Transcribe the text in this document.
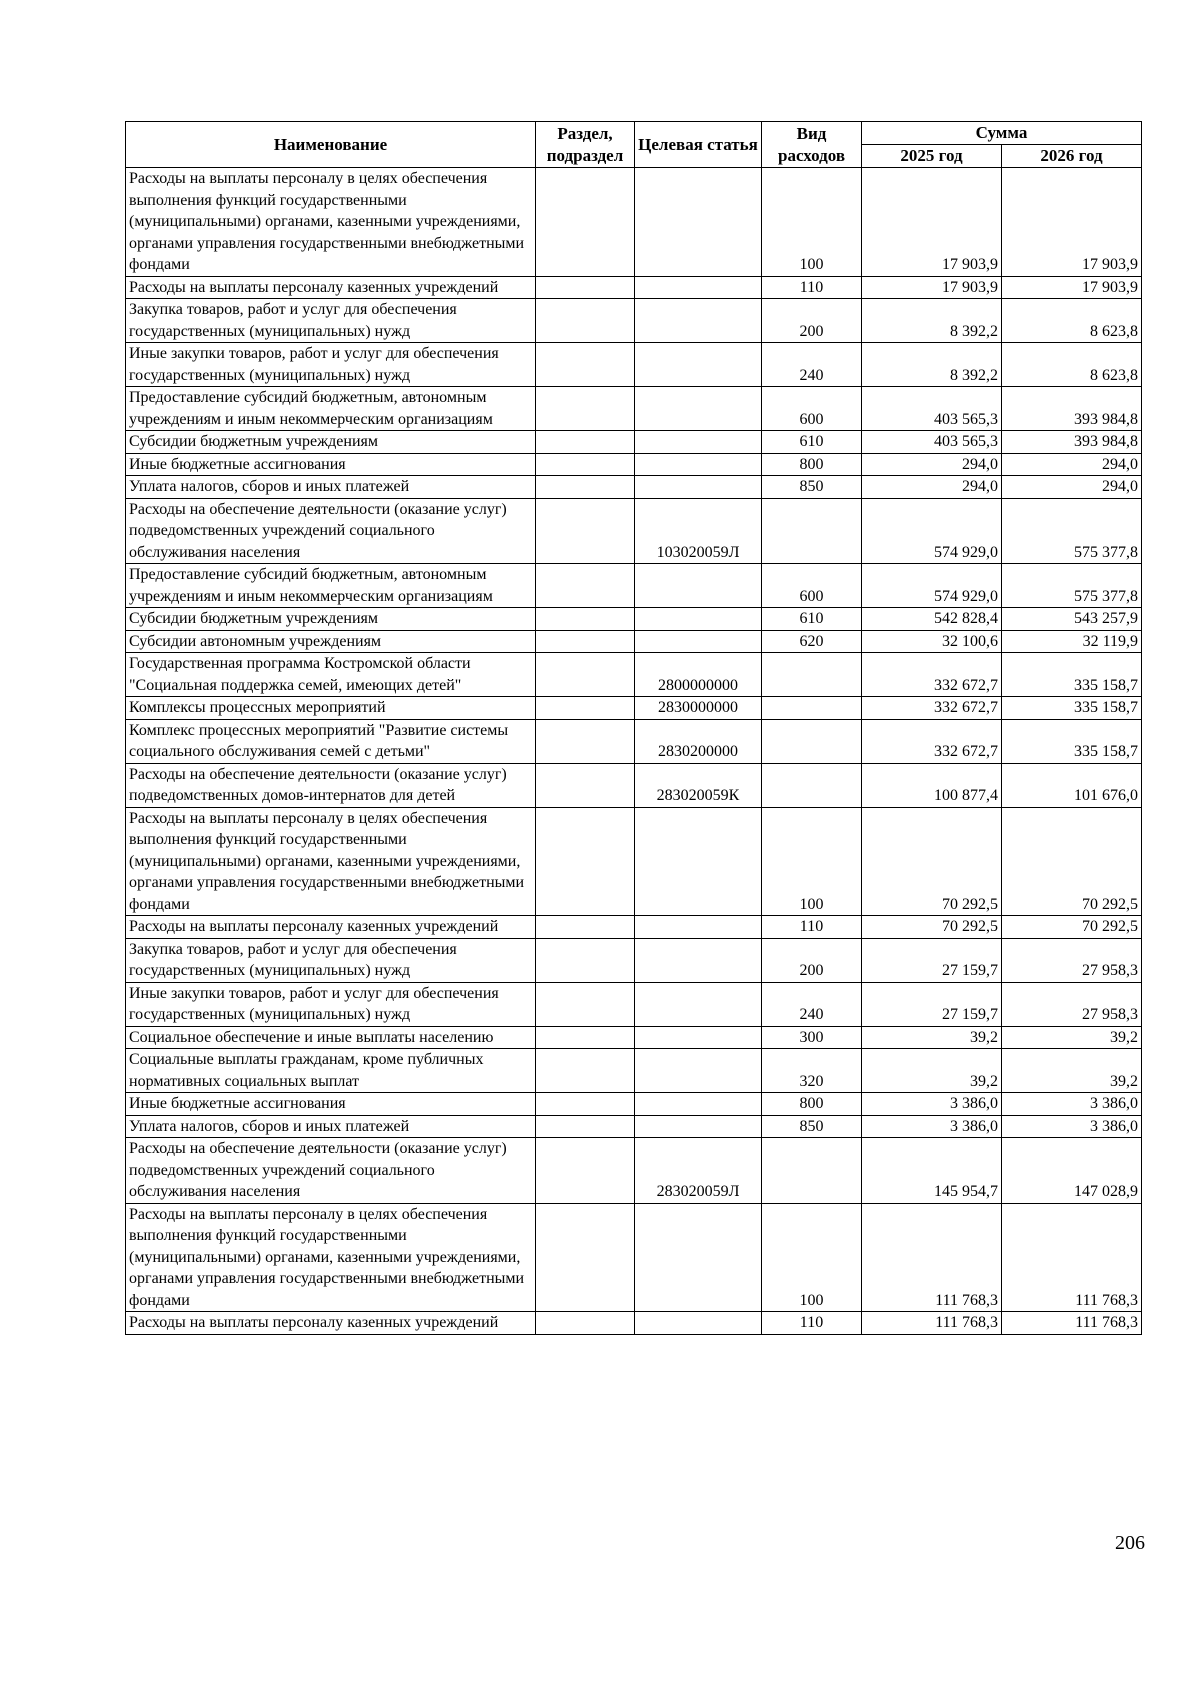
Наименование	Раздел, подраздел	Целевая статья	Вид расходов	Сумма	
				2025 год	2026 год
Расходы на выплаты персоналу в целях обеспечения выполнения функций государственными (муниципальными) органами, казенными учреждениями, органами управления государственными внебюджетными фондами			100	17 903,9	17 903,9
Расходы на выплаты персоналу казенных учреждений			110	17 903,9	17 903,9
Закупка товаров, работ и услуг для обеспечения государственных (муниципальных) нужд			200	8 392,2	8 623,8
Иные закупки товаров, работ и услуг для обеспечения государственных (муниципальных) нужд			240	8 392,2	8 623,8
Предоставление субсидий бюджетным, автономным учреждениям и иным некоммерческим организациям			600	403 565,3	393 984,8
Субсидии бюджетным учреждениям			610	403 565,3	393 984,8
Иные бюджетные ассигнования			800	294,0	294,0
Уплата налогов, сборов и иных платежей			850	294,0	294,0
Расходы на обеспечение деятельности (оказание услуг) подведомственных учреждений социального обслуживания населения		103020059Л		574 929,0	575 377,8
Предоставление субсидий бюджетным, автономным учреждениям и иным некоммерческим организациям			600	574 929,0	575 377,8
Субсидии бюджетным учреждениям			610	542 828,4	543 257,9
Субсидии автономным учреждениям			620	32 100,6	32 119,9
Государственная программа Костромской области "Социальная поддержка семей, имеющих детей"		2800000000		332 672,7	335 158,7
Комплексы процессных мероприятий		2830000000		332 672,7	335 158,7
Комплекс процессных мероприятий "Развитие системы социального обслуживания семей с детьми"		2830200000		332 672,7	335 158,7
Расходы на обеспечение деятельности (оказание услуг) подведомственных домов-интернатов для детей		283020059К		100 877,4	101 676,0
Расходы на выплаты персоналу в целях обеспечения выполнения функций государственными (муниципальными) органами, казенными учреждениями, органами управления государственными внебюджетными фондами			100	70 292,5	70 292,5
Расходы на выплаты персоналу казенных учреждений			110	70 292,5	70 292,5
Закупка товаров, работ и услуг для обеспечения государственных (муниципальных) нужд			200	27 159,7	27 958,3
Иные закупки товаров, работ и услуг для обеспечения государственных (муниципальных) нужд			240	27 159,7	27 958,3
Социальное обеспечение и иные выплаты населению			300	39,2	39,2
Социальные выплаты гражданам, кроме публичных нормативных социальных выплат			320	39,2	39,2
Иные бюджетные ассигнования			800	3 386,0	3 386,0
Уплата налогов, сборов и иных платежей			850	3 386,0	3 386,0
Расходы на обеспечение деятельности (оказание услуг) подведомственных учреждений социального обслуживания населения		283020059Л		145 954,7	147 028,9
Расходы на выплаты персоналу в целях обеспечения выполнения функций государственными (муниципальными) органами, казенными учреждениями, органами управления государственными внебюджетными фондами			100	111 768,3	111 768,3
Расходы на выплаты персоналу казенных учреждений			110	111 768,3	111 768,3
206
